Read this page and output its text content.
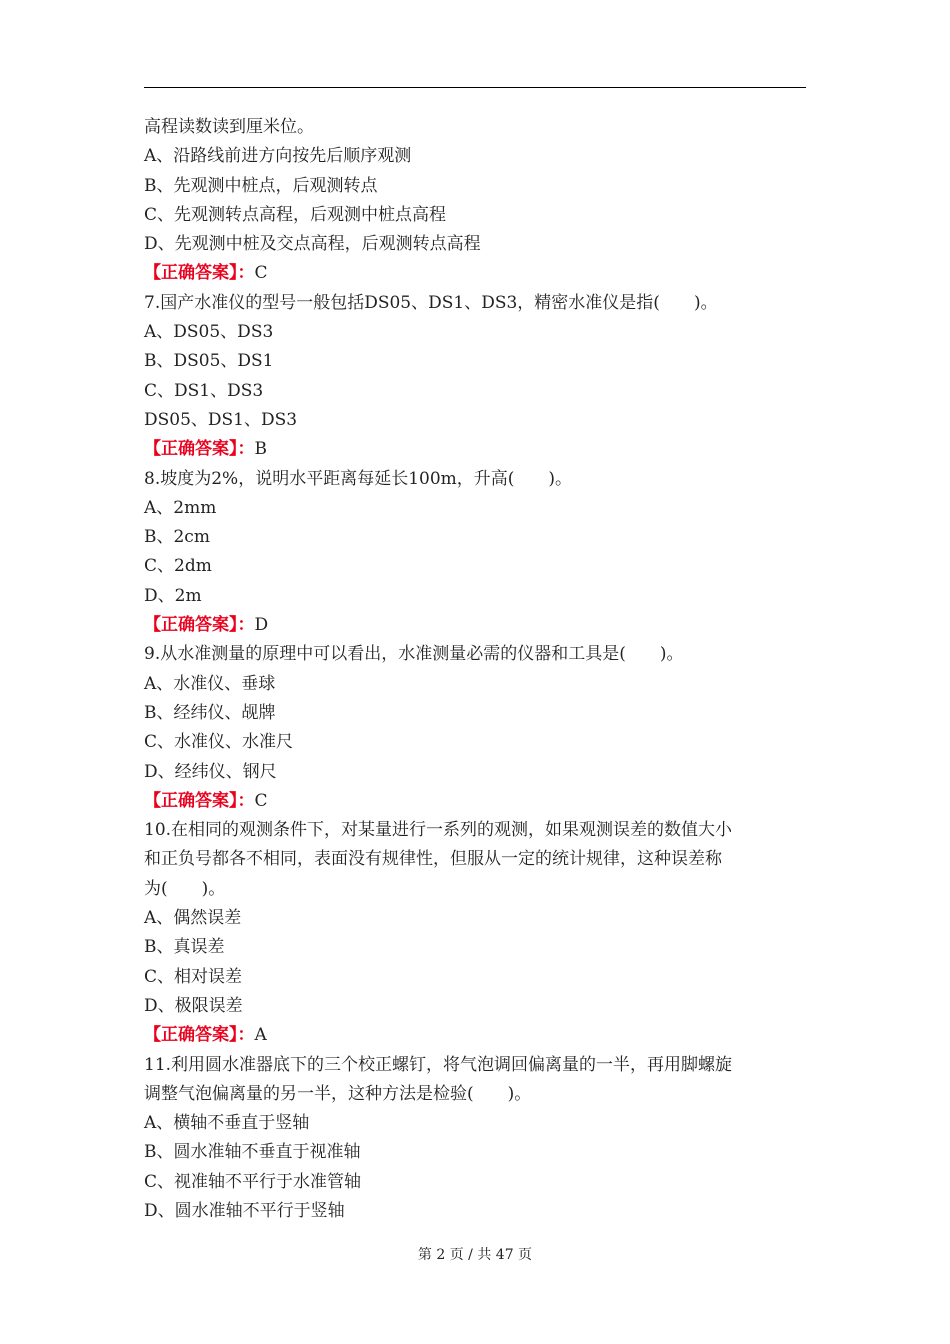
高程读数读到厘米位。
A、沿路线前进方向按先后顺序观测
B、先观测中桩点，后观测转点
C、先观测转点高程，后观测中桩点高程
D、先观测中桩及交点高程，后观测转点高程
【正确答案】：C
7.国产水准仪的型号一般包括DS05、DS1、DS3，精密水准仪是指(　　)。
A、DS05、DS3
B、DS05、DS1
C、DS1、DS3
DS05、DS1、DS3
【正确答案】：B
8.坡度为2%，说明水平距离每延长100m，升高(　　)。
A、2mm
B、2cm
C、2dm
D、2m
【正确答案】：D
9.从水准测量的原理中可以看出，水准测量必需的仪器和工具是(　　)。
A、水准仪、垂球
B、经纬仪、觇牌
C、水准仪、水准尺
D、经纬仪、钢尺
【正确答案】：C
10.在相同的观测条件下，对某量进行一系列的观测，如果观测误差的数值大小
和正负号都各不相同，表面没有规律性，但服从一定的统计规律，这种误差称
为(　　)。
A、偶然误差
B、真误差
C、相对误差
D、极限误差
【正确答案】：A
11.利用圆水准器底下的三个校正螺钉，将气泡调回偏离量的一半，再用脚螺旋
调整气泡偏离量的另一半，这种方法是检验(　　)。
A、横轴不垂直于竖轴
B、圆水准轴不垂直于视准轴
C、视准轴不平行于水准管轴
D、圆水准轴不平行于竖轴
第 2 页 / 共 47 页
